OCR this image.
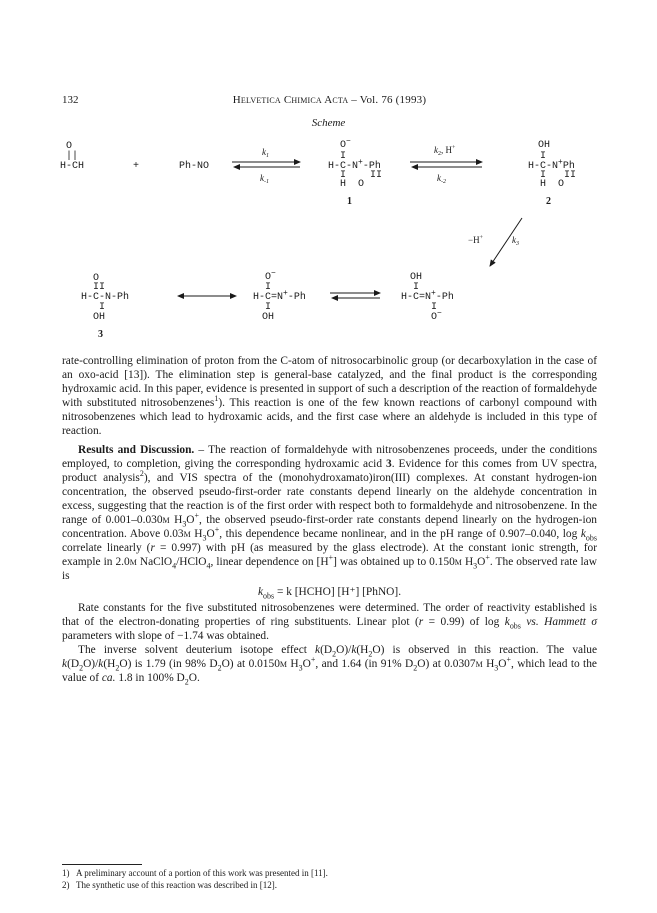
132	Helvetica Chimica Acta – Vol. 76 (1993)
Scheme
O
||
H-CH	+	Ph-NO
$k_1$
$k_{-1}$
O−
I
H-C-N+-Ph
I    II
H  O
1
$k_2$, H+
$k_{-2}$
OH
I
H-C-N+Ph
I   II
H  O
2
−H+	$k_3$
O
II
H-C-N-Ph
I
OH
3
O−
I
H-C=N+-Ph
I
OH
OH
I
H-C=N+-Ph
I
O−

rate-controlling elimination of proton from the C-atom of nitrosocarbinolic group (or decarboxylation in the case of an oxo-acid [13]). The elimination step is general-base catalyzed, and the final product is the corresponding hydroxamic acid. In this paper, evidence is presented in support of such a description of the reaction of formaldehyde with substituted nitrosobenzenes$^1$). This reaction is one of the few known reactions of carbonyl compound with nitrosobenzenes which lead to hydroxamic acids, and the first case where an aldehyde is included in this type of reaction.

Results and Discussion. – The reaction of formaldehyde with nitrosobenzenes proceeds, under the conditions employed, to completion, giving the corresponding hydroxamic acid 3. Evidence for this comes from UV spectra, product analysis$^2$), and VIS spectra of the (monohydroxamato)iron(III) complexes. At constant hydrogen-ion concentration, the observed pseudo-first-order rate constants depend linearly on the aldehyde concentration in excess, suggesting that the reaction is of the first order with respect both to formaldehyde and nitrosobenzene. In the range of 0.001–0.030m $H_3O^+$, the observed pseudo-first-order rate constants depend linearly on the hydrogen-ion concentration. Above 0.03m $H_3O^+$, this dependence became nonlinear, and in the pH range of 0.907–0.040, $\log k_{obs}$ correlate linearly (r = 0.997) with pH (as measured by the glass electrode). At the constant ionic strength, for example in 2.0m NaClO$_4$/HClO$_4$, linear dependence on [H+] was obtained up to 0.150m $H_3O^+$. The observed rate law is

$k_{obs} = k$ [HCHO] [H⁺] [PhNO].

Rate constants for the five substituted nitrosobenzenes were determined. The order of reactivity established is that of the electron-donating properties of ring substituents. Linear plot (r = 0.99) of $\log k_{obs}$ vs. Hammett σ parameters with slope of −1.74 was obtained.

The inverse solvent deuterium isotope effect $k(D_2O)/k(H_2O)$ is observed in this reaction. The value $k(D_2O)/k(H_2O)$ is 1.79 (in 98% $D_2O$) at 0.0150m $H_3O^+$, and 1.64 (in 91% $D_2O$) at 0.0307m $H_3O^+$, which lead to the value of ca. 1.8 in 100% $D_2O$.

1) A preliminary account of a portion of this work was presented in [11].
2) The synthetic use of this reaction was described in [12].
